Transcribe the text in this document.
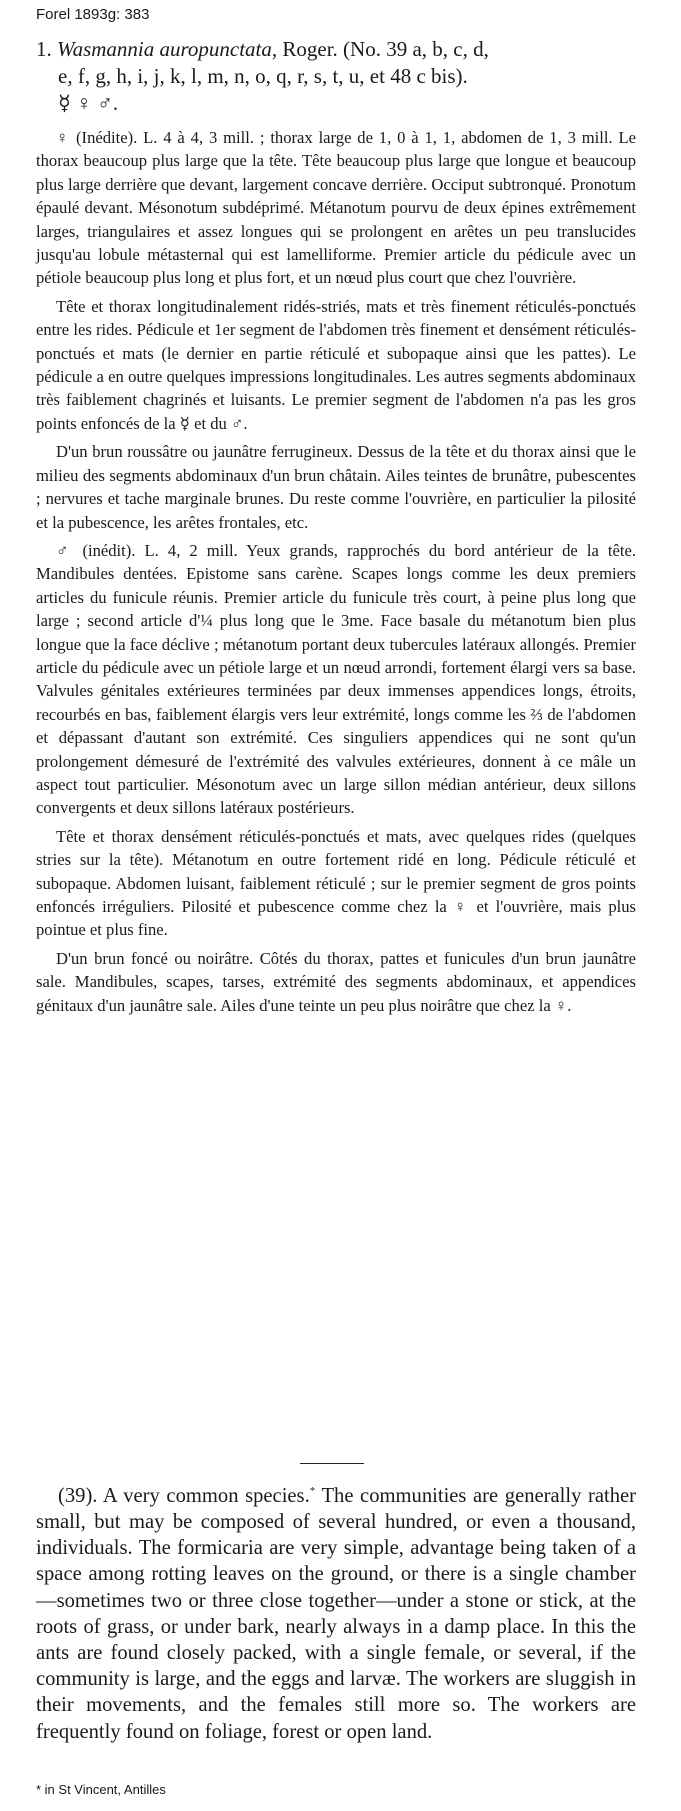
Forel 1893g: 383
1. Wasmannia auropunctata, Roger. (No. 39 a, b, c, d,
e, f, g, h, i, j, k, l, m, n, o, q, r, s, t, u, et 48 c bis).
☿ ♀ ♂.

♀ (Inédite). L. 4 à 4, 3 mill. ; thorax large de 1, 0 à 1, 1, abdomen de 1, 3 mill. Le thorax beaucoup plus large que la tête. Tête beaucoup plus large que longue et beaucoup plus large derrière que devant, largement concave derrière. Occiput subtronqué. Pronotum épaulé devant. Mésonotum subdéprimé. Métanotum pourvu de deux épines extrêmement larges, triangulaires et assez longues qui se prolongent en arêtes un peu translucides jusqu'au lobule métasternal qui est lamelliforme. Premier article du pédicule avec un pétiole beaucoup plus long et plus fort, et un nœud plus court que chez l'ouvrière.

Tête et thorax longitudinalement ridés-striés, mats et très finement réticulés-ponctués entre les rides. Pédicule et 1er segment de l'abdomen très finement et densément réticulés-ponctués et mats (le dernier en partie réticulé et subopaque ainsi que les pattes). Le pédicule a en outre quelques impressions longitudinales. Les autres segments abdominaux très faiblement chagrinés et luisants. Le premier segment de l'abdomen n'a pas les gros points enfoncés de la ☿ et du ♂.

D'un brun roussâtre ou jaunâtre ferrugineux. Dessus de la tête et du thorax ainsi que le milieu des segments abdominaux d'un brun châtain. Ailes teintes de brunâtre, pubescentes ; nervures et tache marginale brunes. Du reste comme l'ouvrière, en particulier la pilosité et la pubescence, les arêtes frontales, etc.

♂ (inédit). L. 4, 2 mill. Yeux grands, rapprochés du bord antérieur de la tête. Mandibules dentées. Epistome sans carène. Scapes longs comme les deux premiers articles du funicule réunis. Premier article du funicule très court, à peine plus long que large ; second article d'¼ plus long que le 3me. Face basale du métanotum bien plus longue que la face déclive ; métanotum portant deux tubercules latéraux allongés. Premier article du pédicule avec un pétiole large et un nœud arrondi, fortement élargi vers sa base. Valvules génitales extérieures terminées par deux immenses appendices longs, étroits, recourbés en bas, faiblement élargis vers leur extrémité, longs comme les ⅔ de l'abdomen et dépassant d'autant son extrémité. Ces singuliers appendices qui ne sont qu'un prolongement démesuré de l'extrémité des valvules extérieures, donnent à ce mâle un aspect tout particulier. Mésonotum avec un large sillon médian antérieur, deux sillons convergents et deux sillons latéraux postérieurs.

Tête et thorax densément réticulés-ponctués et mats, avec quelques rides (quelques stries sur la tête). Métanotum en outre fortement ridé en long. Pédicule réticulé et subopaque. Abdomen luisant, faiblement réticulé ; sur le premier segment de gros points enfoncés irréguliers. Pilosité et pubescence comme chez la ♀ et l'ouvrière, mais plus pointue et plus fine.

D'un brun foncé ou noirâtre. Côtés du thorax, pattes et funicules d'un brun jaunâtre sale. Mandibules, scapes, tarses, extrémité des segments abdominaux, et appendices génitaux d'un jaunâtre sale. Ailes d'une teinte un peu plus noirâtre que chez la ♀.

(39). A very common species.* The communities are generally rather small, but may be composed of several hundred, or even a thousand, individuals. The formicaria are very simple, advantage being taken of a space among rotting leaves on the ground, or there is a single chamber—sometimes two or three close together—under a stone or stick, at the roots of grass, or under bark, nearly always in a damp place. In this the ants are found closely packed, with a single female, or several, if the community is large, and the eggs and larvæ. The workers are sluggish in their movements, and the females still more so. The workers are frequently found on foliage, forest or open land.

* in St Vincent, Antilles
